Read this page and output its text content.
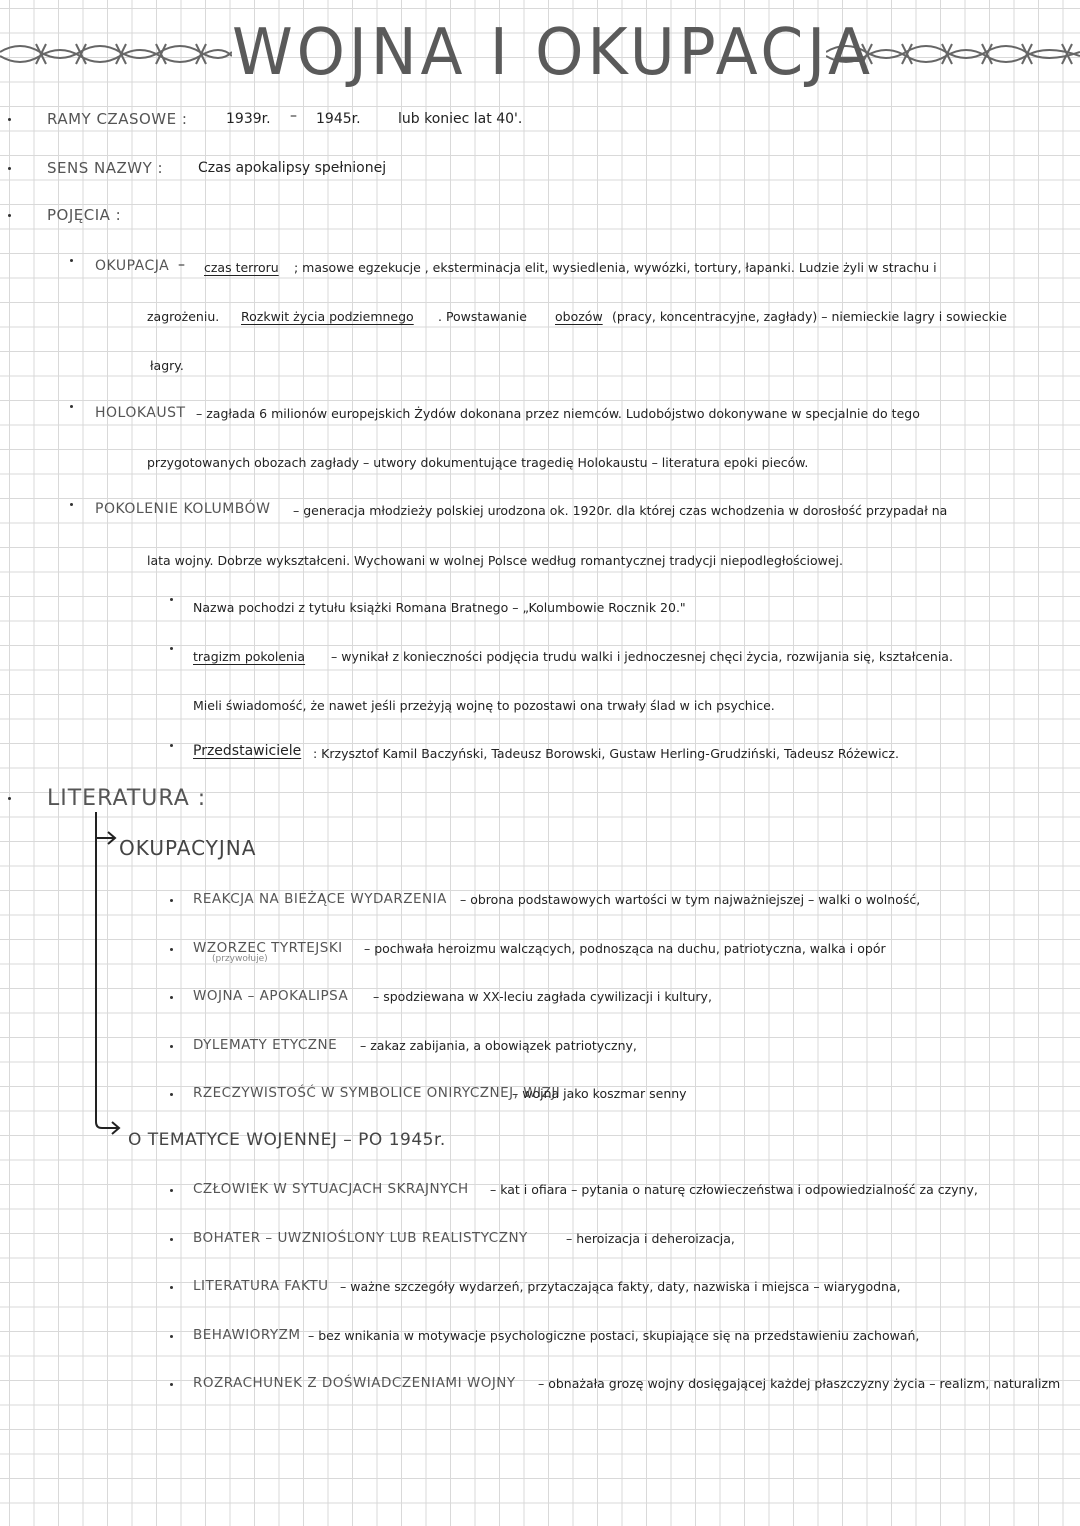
WOJNA I OKUPACJA
RAMY CZASOWE :	1939r. – 1945r.	lub koniec lat 40'.
SENS NAZWY : Czas apokalipsy spełnionej
POJĘCIA :
OKUPACJA – czas terroru ; masowe egzekucje , eksterminacja elit, wysiedlenia, wywózki, tortury, łapanki. Ludzie żyli w strachu i
zagrożeniu. Rozkwit życia podziemnego . Powstawanie obozów (pracy, koncentracyjne, zagłady) – niemieckie lagry i sowieckie
łagry.
HOLOKAUST – zagłada 6 milionów europejskich Żydów dokonana przez niemców. Ludobójstwo dokonywane w specjalnie do tego
przygotowanych obozach zagłady – utwory dokumentujące tragedię Holokaustu – literatura epoki pieców.
POKOLENIE KOLUMBÓW – generacja młodzieży polskiej urodzona ok. 1920r. dla której czas wchodzenia w dorosłość przypadał na
lata wojny. Dobrze wykształceni. Wychowani w wolnej Polsce według romantycznej tradycji niepodległościowej.
Nazwa pochodzi z tytułu książki Romana Bratnego – „Kolumbowie Rocznik 20."
tragizm pokolenia – wynikał z konieczności podjęcia trudu walki i jednoczesnej chęci życia, rozwijania się, kształcenia.
Mieli świadomość, że nawet jeśli przeżyją wojnę to pozostawi ona trwały ślad w ich psychice.
Przedstawiciele : Krzysztof Kamil Baczyński, Tadeusz Borowski, Gustaw Herling-Grudziński, Tadeusz Różewicz.
LITERATURA :
OKUPACYJNA
REAKCJA NA BIEŻĄCE WYDARZENIA – obrona podstawowych wartości w tym najważniejszej – walki o wolność,
WZORZEC TYRTEJSKI – pochwała heroizmu walczących, podnosząca na duchu, patriotyczna, walka i opór
WOJNA – APOKALIPSA – spodziewana w XX-leciu zagłada cywilizacji i kultury,
DYLEMATY ETYCZNE – zakaz zabijania, a obowiązek patriotyczny,
RZECZYWISTOŚĆ W SYMBOLICE ONIRYCZNEJ, WIZJI
– wojna jako koszmar senny
(przywołuje)
O TEMATYCE WOJENNEJ – PO 1945r.
CZŁOWIEK W SYTUACJACH SKRAJNYCH – kat i ofiara – pytania o naturę człowieczeństwa i odpowiedzialność za czyny,
BOHATER – UWZNIOŚLONY LUB REALISTYCZNY	– heroizacja i deheroizacja,
LITERATURA FAKTU – ważne szczegóły wydarzeń, przytaczająca fakty, daty, nazwiska i miejsca – wiarygodna,
BEHAWIORYZM – bez wnikania w motywacje psychologiczne postaci, skupiające się na przedstawieniu zachowań,
ROZRACHUNEK Z DOŚWIADCZENIAMI WOJNY – obnażała grozę wojny dosięgającej każdej płaszczyzny życia – realizm, naturalizm
